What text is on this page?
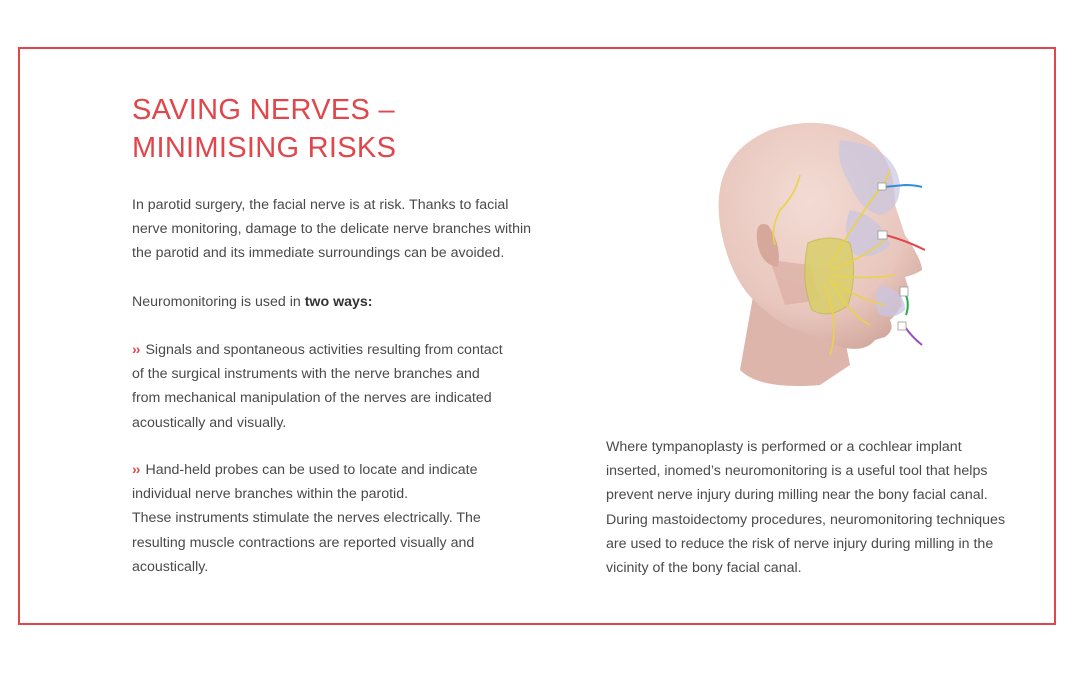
SAVING NERVES –
MINIMISING RISKS

In parotid surgery, the facial nerve is at risk. Thanks to facial
nerve monitoring, damage to the delicate nerve branches within
the parotid and its immediate surroundings can be avoided.

Neuromonitoring is used in two ways:

›› Signals and spontaneous activities resulting from contact
of the surgical instruments with the nerve branches and
from mechanical manipulation of the nerves are indicated
acoustically and visually.

›› Hand-held probes can be used to locate and indicate
individual nerve branches within the parotid.
These instruments stimulate the nerves electrically. The
resulting muscle contractions are reported visually and
acoustically.

Where tympanoplasty is performed or a cochlear implant
inserted, inomed’s neuromonitoring is a useful tool that helps
prevent nerve injury during milling near the bony facial canal.
During mastoidectomy procedures, neuromonitoring techniques
are used to reduce the risk of nerve injury during milling in the
vicinity of the bony facial canal.
